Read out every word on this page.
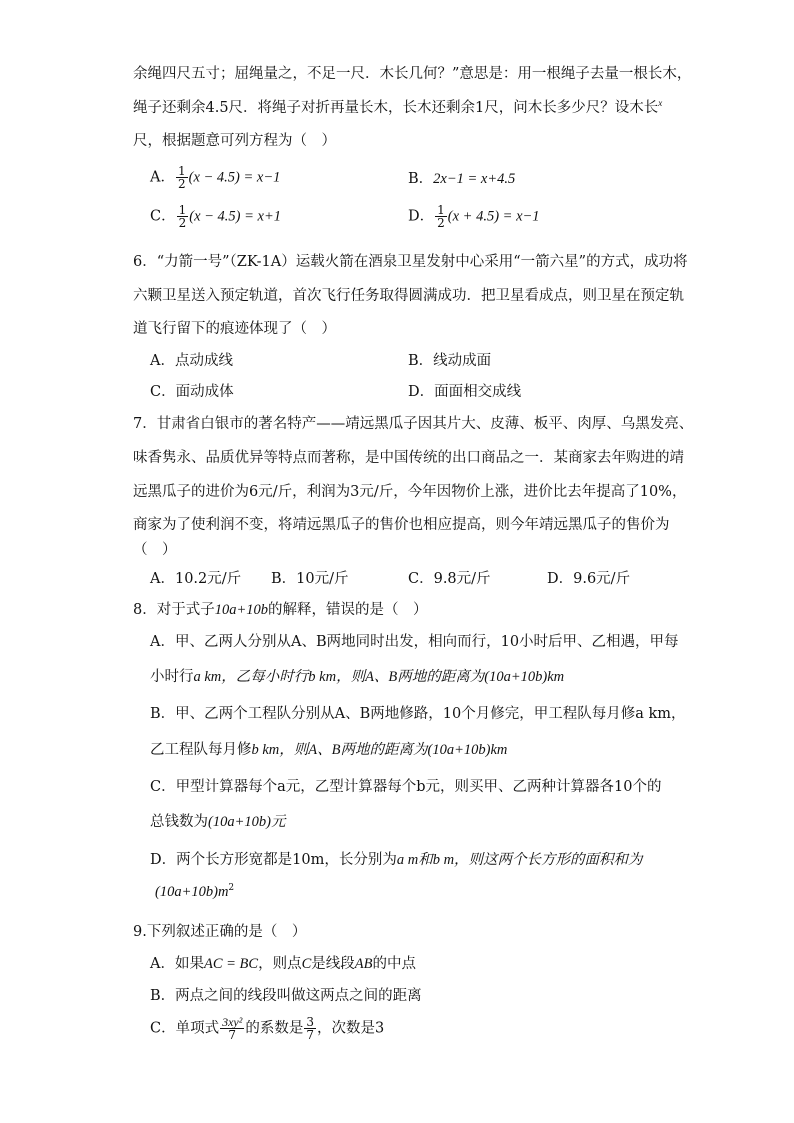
余绳四尺五寸；屈绳量之，不足一尺．木长几何？”意思是：用一根绳子去量一根长木，
绳子还剩余4.5尺．将绳子对折再量长木，长木还剩余1尺，问木长多少尺？设木长$^x$
尺，根据题意可列方程为（　）
A． $\frac{1}{2} (x - 4.5) = x-1$	B．2x−1 = x+4.5
C． $\frac{1}{2} (x - 4.5) = x+1$	D． $\frac{1}{2} (x + 4.5) = x-1$
6．“力箭一号”（ZK-1A）运载火箭在酒泉卫星发射中心采用“一箭六星”的方式，成功将
六颗卫星送入预定轨道，首次飞行任务取得圆满成功．把卫星看成点，则卫星在预定轨
道飞行留下的痕迹体现了（　）
A．点动成线	B．线动成面
C．面动成体	D．面面相交成线
7．甘肃省白银市的著名特产——靖远黑瓜子因其片大、皮薄、板平、肉厚、乌黑发亮、
味香隽永、品质优异等特点而著称，是中国传统的出口商品之一．某商家去年购进的靖
远黑瓜子的进价为6元/斤，利润为3元/斤，今年因物价上涨，进价比去年提高了10%，
商家为了使利润不变，将靖远黑瓜子的售价也相应提高，则今年靖远黑瓜子的售价为
（　）
A．10.2元/斤 B．10元/斤	C．9.8元/斤	D．9.6元/斤
8．对于式子10a+10b的解释，错误的是（　）
A．甲、乙两人分别从A、B两地同时出发，相向而行，10小时后甲、乙相遇，甲每
小时行a km，乙每小时行b km，则A、B两地的距离为(10a+10b)km
B．甲、乙两个工程队分别从A、B两地修路，10个月修完，甲工程队每月修a km，
乙工程队每月修b km，则A、B两地的距离为(10a+10b)km
C．甲型计算器每个a元，乙型计算器每个b元，则买甲、乙两种计算器各10个的
总钱数为(10a+10b)元
D．两个长方形宽都是10m，长分别为a m和b m，则这两个长方形的面积和为
$(10a+10b)m^2$
9.下列叙述正确的是（　）
A．如果AC = BC，则点C是线段AB的中点
B．两点之间的线段叫做这两点之间的距离
C．单项式 $\frac{\text{3xy²}}{7}$ 的系数是 $\frac{3}{7}$ ，次数是3
